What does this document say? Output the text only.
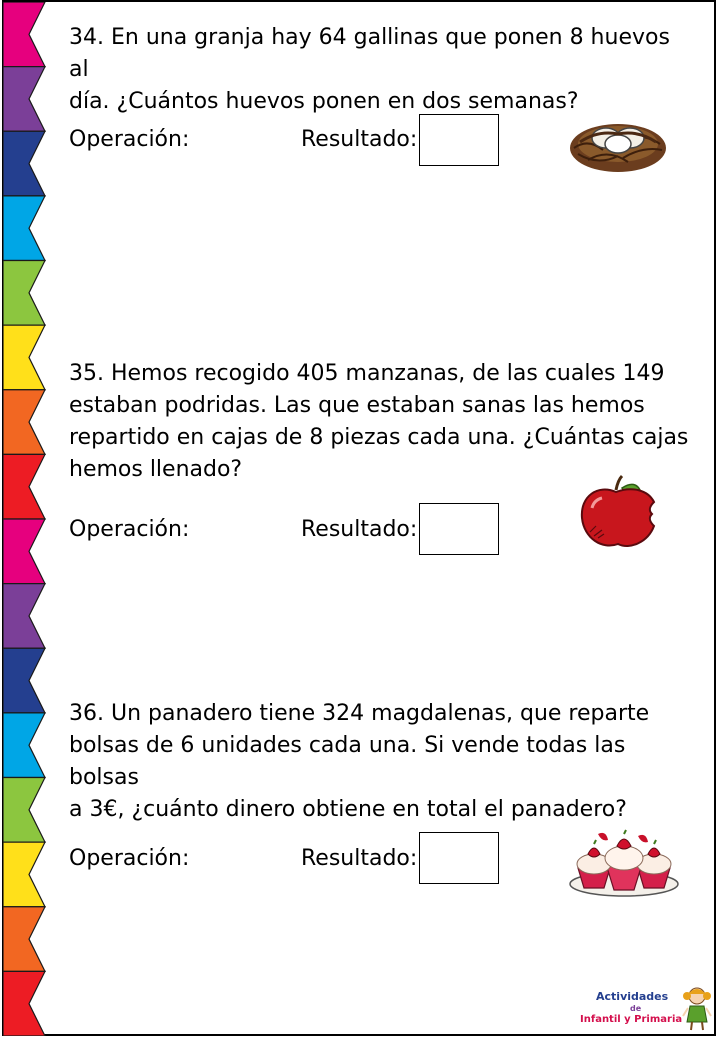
34. En una granja hay 64 gallinas que ponen 8 huevos al
día. ¿Cuántos huevos ponen en dos semanas?

Operación:	Resultado:

35. Hemos recogido 405 manzanas, de las cuales 149
estaban podridas. Las que estaban sanas las hemos
repartido en cajas de 8 piezas cada una. ¿Cuántas cajas
hemos llenado?

Operación:	Resultado:

36. Un panadero tiene 324 magdalenas, que reparte
bolsas de 6 unidades cada una. Si vende todas las bolsas
a 3€, ¿cuánto dinero obtiene en total el panadero?

Operación:	Resultado:
Actividades
de
Infantil y Primaria
